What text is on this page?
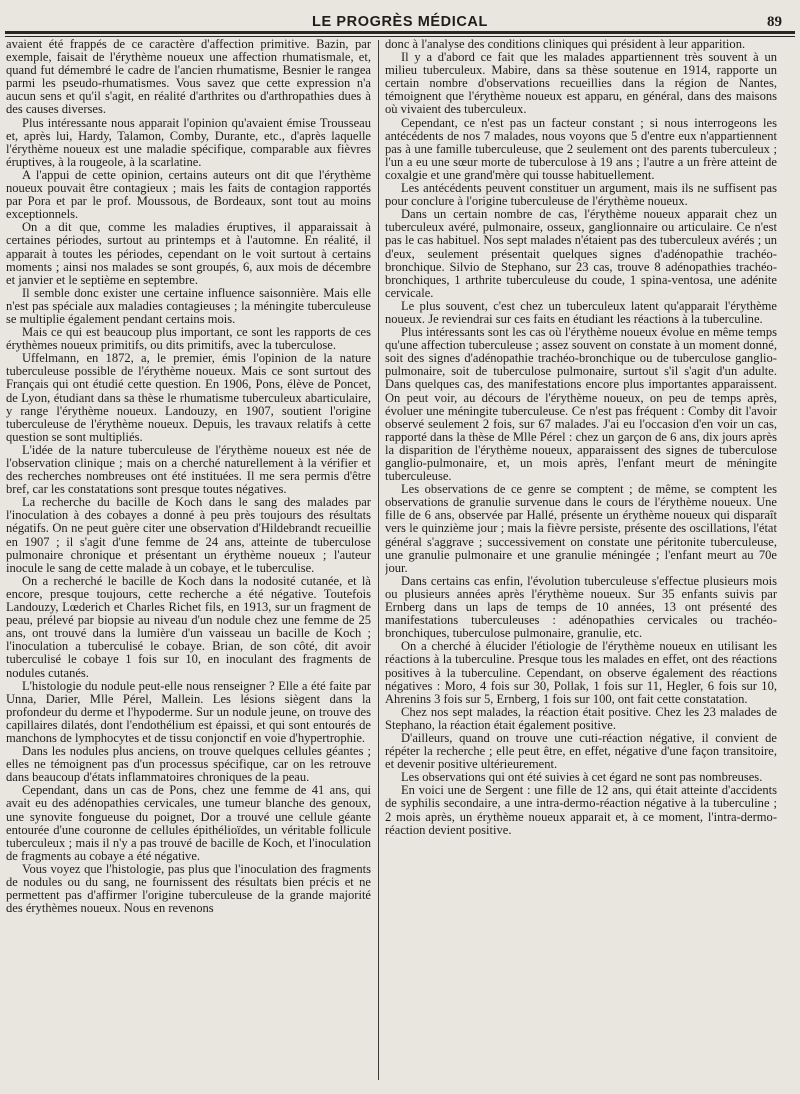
LE PROGRÈS MÉDICAL	89

avaient été frappés de ce caractère d'affection primitive. Bazin, par exemple, faisait de l'érythème noueux une affection rhumatismale, et, quand fut démembré le cadre de l'ancien rhumatisme, Besnier le rangea parmi les pseudo-rhumatismes. Vous savez que cette expression n'a aucun sens et qu'il s'agit, en réalité d'arthrites ou d'arthropathies dues à des causes diverses.

Plus intéressante nous apparait l'opinion qu'avaient émise Trousseau et, après lui, Hardy, Talamon, Comby, Durante, etc., d'après laquelle l'érythème noueux est une maladie spécifique, comparable aux fièvres éruptives, à la rougeole, à la scarlatine.

A l'appui de cette opinion, certains auteurs ont dit que l'érythème noueux pouvait être contagieux ; mais les faits de contagion rapportés par Pora et par le prof. Moussous, de Bordeaux, sont tout au moins exceptionnels.

On a dit que, comme les maladies éruptives, il apparaissait à certaines périodes, surtout au printemps et à l'automne. En réalité, il apparait à toutes les périodes, cependant on le voit surtout à certains moments ; ainsi nos malades se sont groupés, 6, aux mois de décembre et janvier et le septième en septembre.

Il semble donc exister une certaine influence saisonnière. Mais elle n'est pas spéciale aux maladies contagieuses ; la méningite tuberculeuse se multiplie également pendant certains mois.

Mais ce qui est beaucoup plus important, ce sont les rapports de ces érythèmes noueux primitifs, ou dits primitifs, avec la tuberculose.

Uffelmann, en 1872, a, le premier, émis l'opinion de la nature tuberculeuse possible de l'érythème noueux. Mais ce sont surtout des Français qui ont étudié cette question. En 1906, Pons, élève de Poncet, de Lyon, étudiant dans sa thèse le rhumatisme tuberculeux abarticulaire, y range l'érythème noueux. Landouzy, en 1907, soutient l'origine tuberculeuse de l'érythème noueux. Depuis, les travaux relatifs à cette question se sont multipliés.

L'idée de la nature tuberculeuse de l'érythème noueux est née de l'observation clinique ; mais on a cherché naturellement à la vérifier et des recherches nombreuses ont été instituées. Il me sera permis d'être bref, car les constatations sont presque toutes négatives.

La recherche du bacille de Koch dans le sang des malades par l'inoculation à des cobayes a donné à peu près toujours des résultats négatifs. On ne peut guère citer une observation d'Hildebrandt recueillie en 1907 ; il s'agit d'une femme de 24 ans, atteinte de tuberculose pulmonaire chronique et présentant un érythème noueux ; l'auteur inocule le sang de cette malade à un cobaye, et le tuberculise.

On a recherché le bacille de Koch dans la nodosité cutanée, et là encore, presque toujours, cette recherche a été négative. Toutefois Landouzy, Lœderich et Charles Richet fils, en 1913, sur un fragment de peau, prélevé par biopsie au niveau d'un nodule chez une femme de 25 ans, ont trouvé dans la lumière d'un vaisseau un bacille de Koch ; l'inoculation a tuberculisé le cobaye. Brian, de son côté, dit avoir tuberculisé le cobaye 1 fois sur 10, en inoculant des fragments de nodules cutanés.

L'histologie du nodule peut-elle nous renseigner ? Elle a été faite par Unna, Darier, Mlle Pérel, Mallein. Les lésions siègent dans la profondeur du derme et l'hypoderme. Sur un nodule jeune, on trouve des capillaires dilatés, dont l'endothélium est épaissi, et qui sont entourés de manchons de lymphocytes et de tissu conjonctif en voie d'hypertrophie.

Dans les nodules plus anciens, on trouve quelques cellules géantes ; elles ne témoignent pas d'un processus spécifique, car on les retrouve dans beaucoup d'états inflammatoires chroniques de la peau.

Cependant, dans un cas de Pons, chez une femme de 41 ans, qui avait eu des adénopathies cervicales, une tumeur blanche des genoux, une synovite fongueuse du poignet, Dor a trouvé une cellule géante entourée d'une couronne de cellules épithélioïdes, un véritable follicule tuberculeux ; mais il n'y a pas trouvé de bacille de Koch, et l'inoculation de fragments au cobaye a été négative.

Vous voyez que l'histologie, pas plus que l'inoculation des fragments de nodules ou du sang, ne fournissent des résultats bien précis et ne permettent pas d'affirmer l'origine tuberculeuse de la grande majorité des érythèmes noueux. Nous en revenons

donc à l'analyse des conditions cliniques qui président à leur apparition.

Il y a d'abord ce fait que les malades appartiennent très souvent à un milieu tuberculeux. Mabire, dans sa thèse soutenue en 1914, rapporte un certain nombre d'observations recueillies dans la région de Nantes, témoignent que l'érythème noueux est apparu, en général, dans des maisons où vivaient des tuberculeux.

Cependant, ce n'est pas un facteur constant ; si nous interrogeons les antécédents de nos 7 malades, nous voyons que 5 d'entre eux n'appartiennent pas à une famille tuberculeuse, que 2 seulement ont des parents tuberculeux ; l'un a eu une sœur morte de tuberculose à 19 ans ; l'autre a un frère atteint de coxalgie et une grand'mère qui tousse habituellement.

Les antécédents peuvent constituer un argument, mais ils ne suffisent pas pour conclure à l'origine tuberculeuse de l'érythème noueux.

Dans un certain nombre de cas, l'érythème noueux apparait chez un tuberculeux avéré, pulmonaire, osseux, ganglionnaire ou articulaire. Ce n'est pas le cas habituel. Nos sept malades n'étaient pas des tuberculeux avérés ; un d'eux, seulement présentait quelques signes d'adénopathie trachéo-bronchique. Silvio de Stephano, sur 23 cas, trouve 8 adénopathies trachéo-bronchiques, 1 arthrite tuberculeuse du coude, 1 spina-ventosa, une adénite cervicale.

Le plus souvent, c'est chez un tuberculeux latent qu'apparait l'érythème noueux. Je reviendrai sur ces faits en étudiant les réactions à la tuberculine.

Plus intéressants sont les cas où l'érythème noueux évolue en même temps qu'une affection tuberculeuse ; assez souvent on constate à un moment donné, soit des signes d'adénopathie trachéo-bronchique ou de tuberculose ganglio-pulmonaire, soit de tuberculose pulmonaire, surtout s'il s'agit d'un adulte. Dans quelques cas, des manifestations encore plus importantes apparaissent. On peut voir, au décours de l'érythème noueux, on peu de temps après, évoluer une méningite tuberculeuse. Ce n'est pas fréquent : Comby dit l'avoir observé seulement 2 fois, sur 67 malades. J'ai eu l'occasion d'en voir un cas, rapporté dans la thèse de Mlle Pérel : chez un garçon de 6 ans, dix jours après la disparition de l'érythème noueux, apparaissent des signes de tuberculose ganglio-pulmonaire, et, un mois après, l'enfant meurt de méningite tuberculeuse.

Les observations de ce genre se comptent ; de même, se comptent les observations de granulie survenue dans le cours de l'érythème noueux. Une fille de 6 ans, observée par Hallé, présente un érythème noueux qui disparaît vers le quinzième jour ; mais la fièvre persiste, présente des oscillations, l'état général s'aggrave ; successivement on constate une péritonite tuberculeuse, une granulie pulmonaire et une granulie méningée ; l'enfant meurt au 70e jour.

Dans certains cas enfin, l'évolution tuberculeuse s'effectue plusieurs mois ou plusieurs années après l'érythème noueux. Sur 35 enfants suivis par Ernberg dans un laps de temps de 10 années, 13 ont présenté des manifestations tuberculeuses : adénopathies cervicales ou trachéo-bronchiques, tuberculose pulmonaire, granulie, etc.

On a cherché à élucider l'étiologie de l'érythème noueux en utilisant les réactions à la tuberculine. Presque tous les malades en effet, ont des réactions positives à la tuberculine. Cependant, on observe également des réactions négatives : Moro, 4 fois sur 30, Pollak, 1 fois sur 11, Hegler, 6 fois sur 10, Ahrenins 3 fois sur 5, Ernberg, 1 fois sur 100, ont fait cette constatation.

Chez nos sept malades, la réaction était positive. Chez les 23 malades de Stephano, la réaction était également positive.

D'ailleurs, quand on trouve une cuti-réaction négative, il convient de répéter la recherche ; elle peut être, en effet, négative d'une façon transitoire, et devenir positive ultérieurement.

Les observations qui ont été suivies à cet égard ne sont pas nombreuses.

En voici une de Sergent : une fille de 12 ans, qui était atteinte d'accidents de syphilis secondaire, a une intra-dermo-réaction négative à la tuberculine ; 2 mois après, un érythème noueux apparait et, à ce moment, l'intra-dermo-réaction devient positive.
